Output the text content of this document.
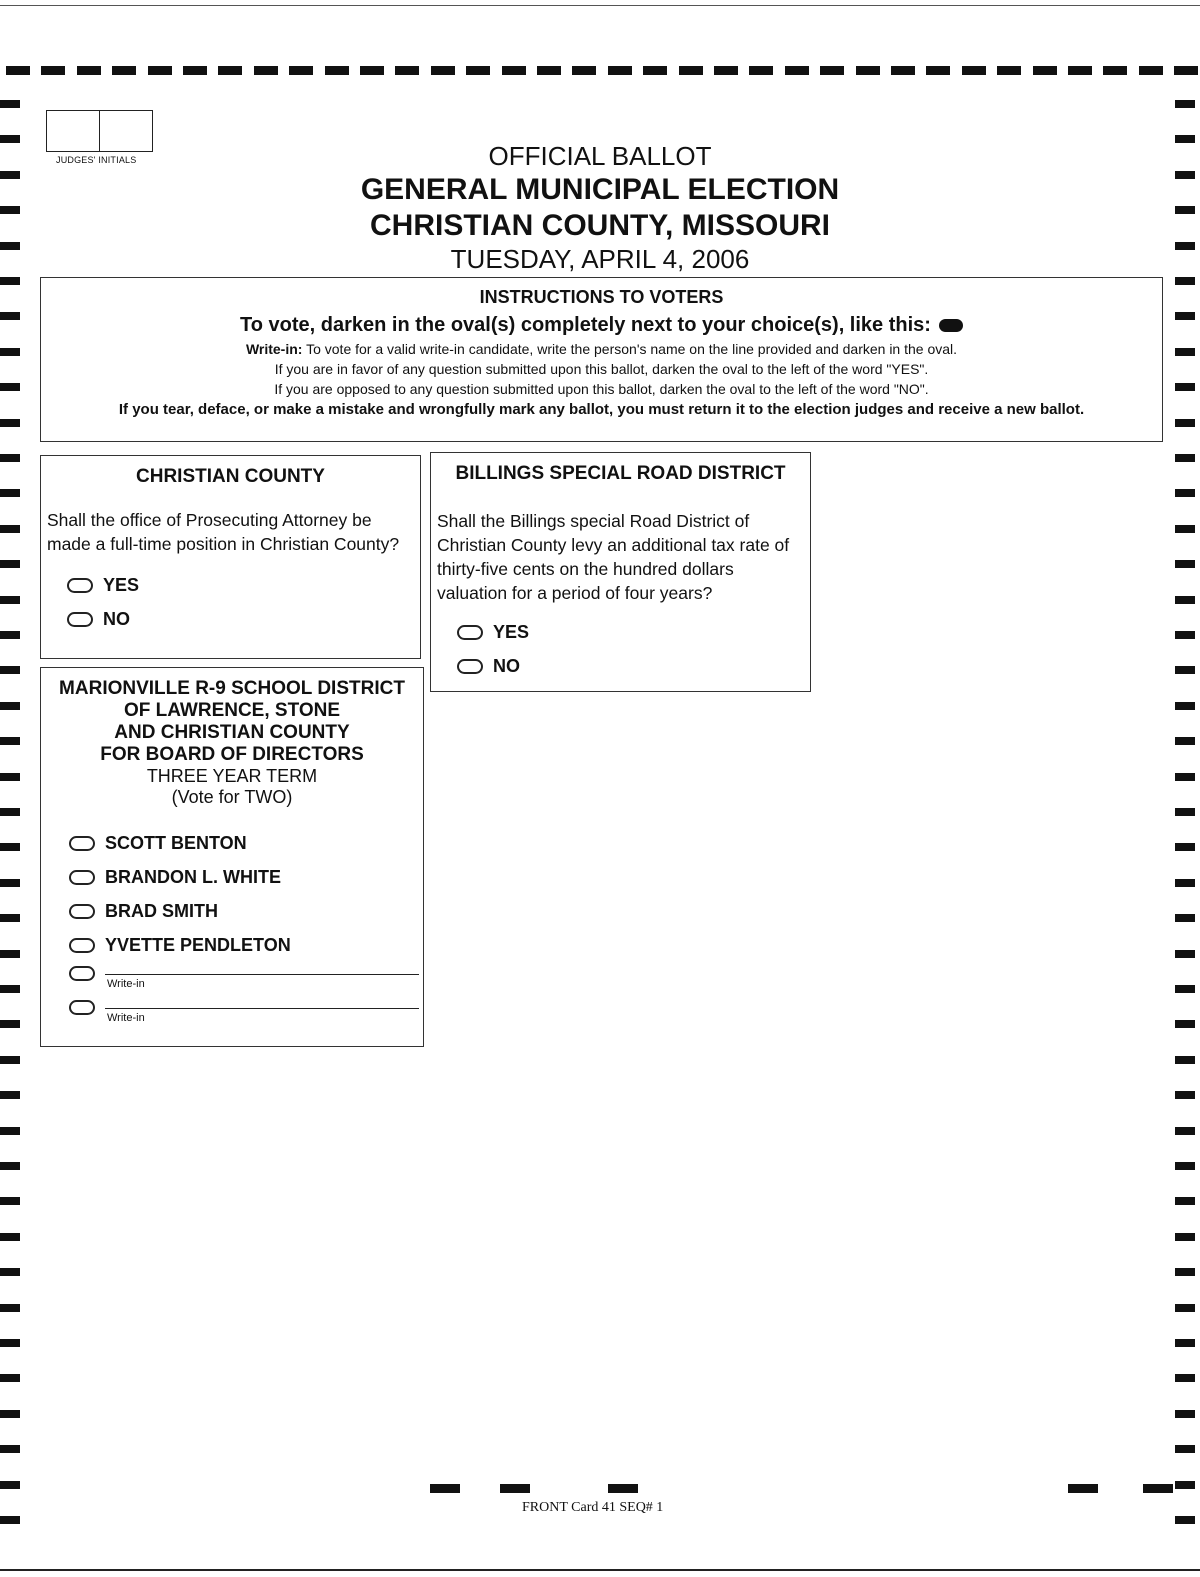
JUDGES' INITIALS	OFFICIAL BALLOT
GENERAL MUNICIPAL ELECTION
CHRISTIAN COUNTY, MISSOURI
TUESDAY, APRIL 4, 2006
INSTRUCTIONS TO VOTERS
To vote, darken in the oval(s) completely next to your choice(s), like this:
Write-in: To vote for a valid write-in candidate, write the person's name on the line provided and darken in the oval.
If you are in favor of any question submitted upon this ballot, darken the oval to the left of the word "YES".
If you are opposed to any question submitted upon this ballot, darken the oval to the left of the word "NO".
If you tear, deface, or make a mistake and wrongfully mark any ballot, you must return it to the election judges and receive a new ballot.
CHRISTIAN COUNTY
Shall the office of Prosecuting Attorney be made a full-time position in Christian County?
YES
NO
BILLINGS SPECIAL ROAD DISTRICT
Shall the Billings special Road District of Christian County levy an additional tax rate of thirty-five cents on the hundred dollars valuation for a period of four years?
YES
NO
MARIONVILLE R-9 SCHOOL DISTRICT
OF LAWRENCE, STONE
AND CHRISTIAN COUNTY
FOR BOARD OF DIRECTORS
THREE YEAR TERM
(Vote for TWO)
SCOTT BENTON
BRANDON L. WHITE
BRAD SMITH
YVETTE PENDLETON
Write-in
Write-in
FRONT Card 41 SEQ# 1
